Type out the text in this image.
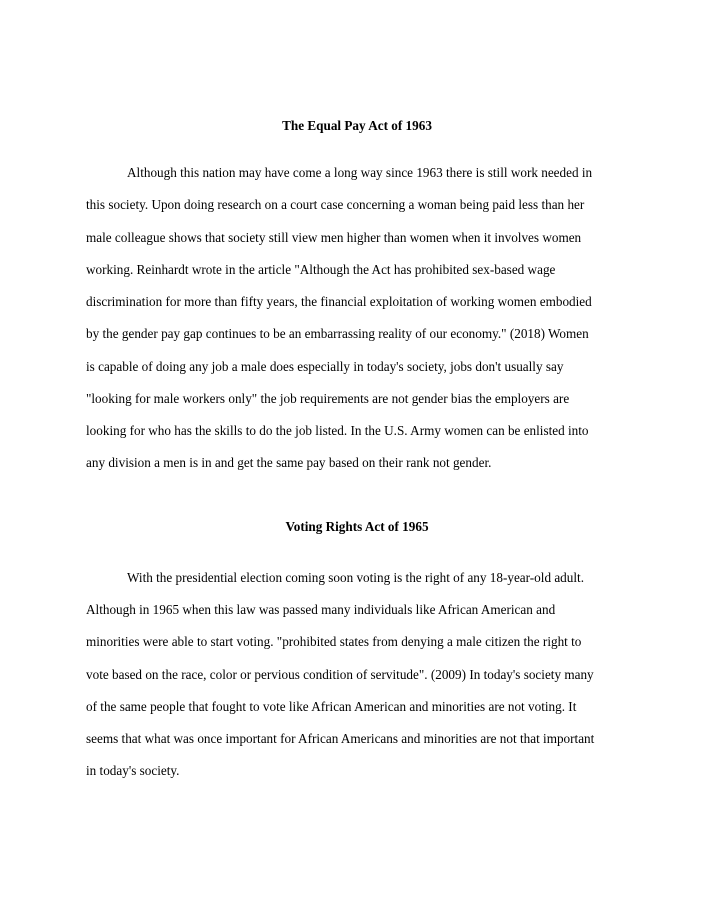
The Equal Pay Act of 1963
Although this nation may have come a long way since 1963 there is still work needed in
this society. Upon doing research on a court case concerning a woman being paid less than her
male colleague shows that society still view men higher than women when it involves women
working. Reinhardt wrote in the article "Although the Act has prohibited sex-based wage
discrimination for more than fifty years, the financial exploitation of working women embodied
by the gender pay gap continues to be an embarrassing reality of our economy." (2018) Women
is capable of doing any job a male does especially in today's society, jobs don't usually say
"looking for male workers only" the job requirements are not gender bias the employers are
looking for who has the skills to do the job listed. In the U.S. Army women can be enlisted into
any division a men is in and get the same pay based on their rank not gender.
Voting Rights Act of 1965
With the presidential election coming soon voting is the right of any 18-year-old adult.
Although in 1965 when this law was passed many individuals like African American and
minorities were able to start voting. "prohibited states from denying a male citizen the right to
vote based on the race, color or pervious condition of servitude". (2009) In today's society many
of the same people that fought to vote like African American and minorities are not voting. It
seems that what was once important for African Americans and minorities are not that important
in today's society.
